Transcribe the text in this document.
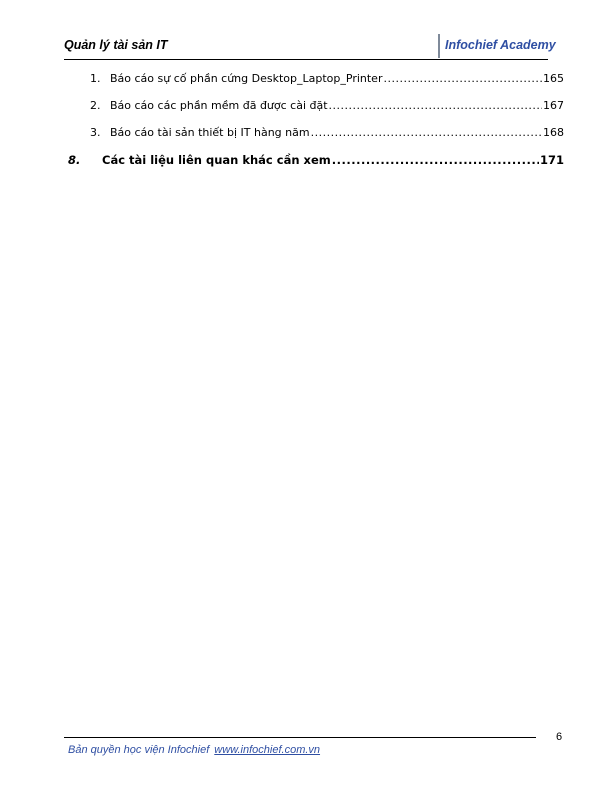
Quản lý tài sản IT	Infochief Academy
1. Báo cáo sự cố phần cứng Desktop_Laptop_Printer .....	165
2. Báo cáo các phần mềm đã được cài đặt .....	167
3. Báo cáo tài sản thiết bị IT hàng năm .....	168
8.	Các tài liệu liên quan khác cần xem .....	171
6
Bản quyền học viện Infochief www.infochief.com.vn
